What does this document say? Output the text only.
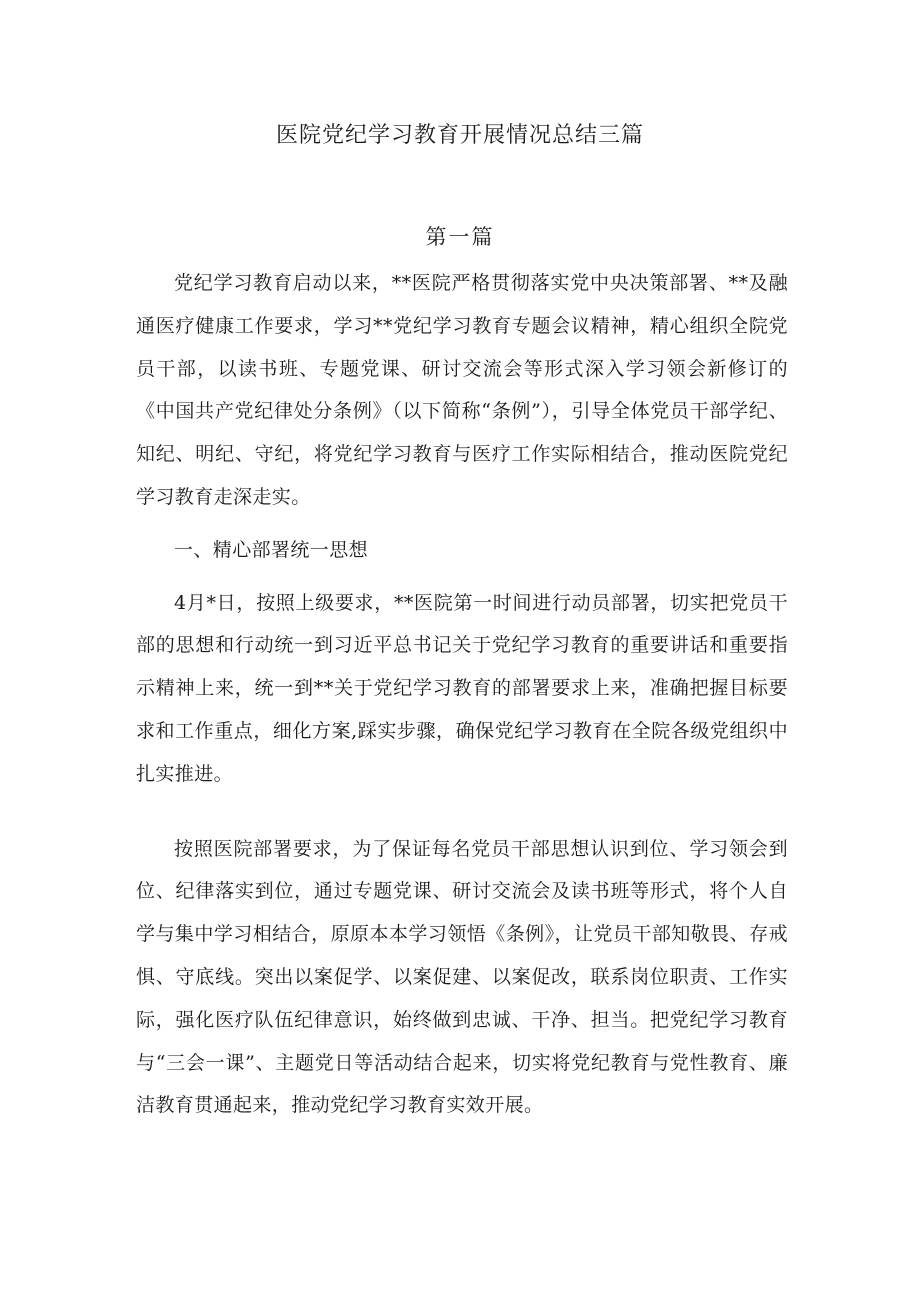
医院党纪学习教育开展情况总结三篇
第一篇

党纪学习教育启动以来，**医院严格贯彻落实党中央决策部署、**及融通医疗健康工作要求，学习**党纪学习教育专题会议精神，精心组织全院党员干部，以读书班、专题党课、研讨交流会等形式深入学习领会新修订的《中国共产党纪律处分条例》（以下简称“条例”），引导全体党员干部学纪、知纪、明纪、守纪，将党纪学习教育与医疗工作实际相结合，推动医院党纪学习教育走深走实。

一、精心部署统一思想

4月*日，按照上级要求，**医院第一时间进行动员部署，切实把党员干部的思想和行动统一到习近平总书记关于党纪学习教育的重要讲话和重要指示精神上来，统一到**关于党纪学习教育的部署要求上来，准确把握目标要求和工作重点，细化方案,踩实步骤，确保党纪学习教育在全院各级党组织中扎实推进。

按照医院部署要求，为了保证每名党员干部思想认识到位、学习领会到位、纪律落实到位，通过专题党课、研讨交流会及读书班等形式，将个人自学与集中学习相结合，原原本本学习领悟《条例》，让党员干部知敬畏、存戒惧、守底线。突出以案促学、以案促建、以案促改，联系岗位职责、工作实际，强化医疗队伍纪律意识，始终做到忠诚、干净、担当。把党纪学习教育与“三会一课”、主题党日等活动结合起来，切实将党纪教育与党性教育、廉洁教育贯通起来，推动党纪学习教育实效开展。
